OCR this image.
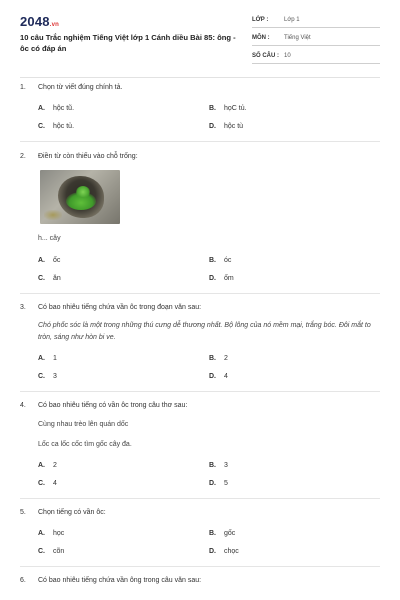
2048.vn
10 câu Trắc nghiệm Tiếng Việt lớp 1 Cánh diều Bài 85: ông - ôc có đáp án
LỚP :	Lớp 1
MÔN :	Tiếng Việt
SỐ CÂU : 10
1.	Chọn từ viết đúng chính tả.
A.	hộc tũ.	B.	họC tủ.
C.	hộc tủ.	D.	hộc tù
2.	Điền từ còn thiếu vào chỗ trống:
h... cây
A.	ốc	B.	óc
C.	ăn	D.	ốm
3.	Có bao nhiêu tiếng chứa vần ôc trong đoạn văn sau:
Chó phốc sóc là một trong những thú cưng dễ thương nhất. Bộ lông của nó mềm mại, trắng bóc. Đôi mắt to tròn, sáng như hòn bi ve.
A.	1	B.	2
C.	3	D.	4
4.	Có bao nhiêu tiếng có vần ôc trong câu thơ sau:
Cùng nhau trèo lên quán dốc
Lốc ca lốc cốc tìm gốc cây đa.
A.	2	B.	3
C.	4	D.	5
5.	Chọn tiếng có vần ôc:
A.	học	B.	gốc
C.	cõn	D.	chọc
6.	Có bao nhiêu tiếng chứa vần ông trong câu văn sau:
